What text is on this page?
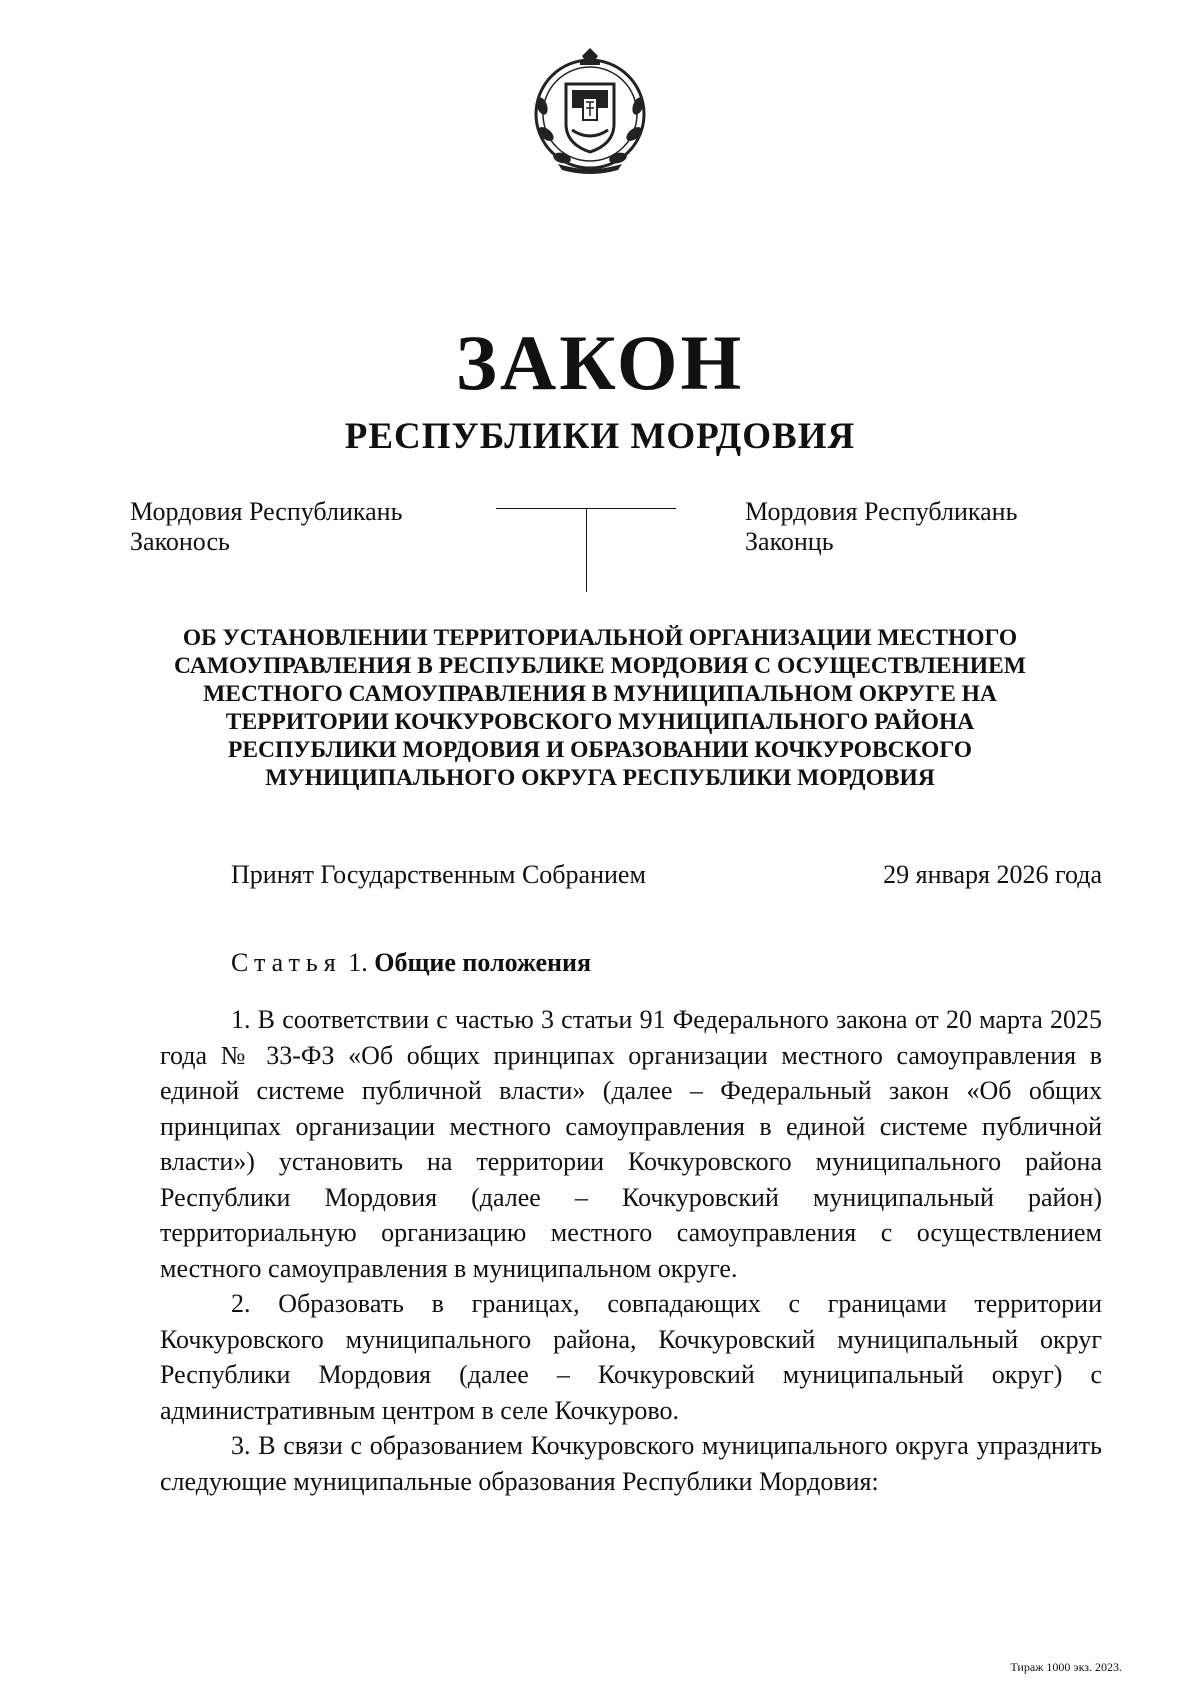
ЗАКОН
РЕСПУБЛИКИ МОРДОВИЯ
Мордовия Республикань
Законось
Мордовия Республикань
Законць
ОБ УСТАНОВЛЕНИИ ТЕРРИТОРИАЛЬНОЙ ОРГАНИЗАЦИИ МЕСТНОГО
САМОУПРАВЛЕНИЯ В РЕСПУБЛИКЕ МОРДОВИЯ С ОСУЩЕСТВЛЕНИЕМ
МЕСТНОГО САМОУПРАВЛЕНИЯ В МУНИЦИПАЛЬНОМ ОКРУГЕ НА
ТЕРРИТОРИИ КОЧКУРОВСКОГО МУНИЦИПАЛЬНОГО РАЙОНА
РЕСПУБЛИКИ МОРДОВИЯ И ОБРАЗОВАНИИ КОЧКУРОВСКОГО
МУНИЦИПАЛЬНОГО ОКРУГА РЕСПУБЛИКИ МОРДОВИЯ
Принят Государственным Собранием	29 января 2026 года
Статья 1. Общие положения

1. В соответствии с частью 3 статьи 91 Федерального закона от 20 марта 2025 года № 33-ФЗ «Об общих принципах организации местного самоуправления в единой системе публичной власти» (далее – Федеральный закон «Об общих принципах организации местного самоуправления в единой системе публичной власти») установить на территории Кочкуровского муниципального района Республики Мордовия (далее – Кочкуровский муниципальный район) территориальную организацию местного самоуправления с осуществлением местного самоуправления в муниципальном округе.

2. Образовать в границах, совпадающих с границами территории Кочкуровского муниципального района, Кочкуровский муниципальный округ Республики Мордовия (далее – Кочкуровский муниципальный округ) с административным центром в селе Кочкурово.

3. В связи с образованием Кочкуровского муниципального округа упразднить следующие муниципальные образования Республики Мордовия:

Тираж 1000 экз. 2023.
